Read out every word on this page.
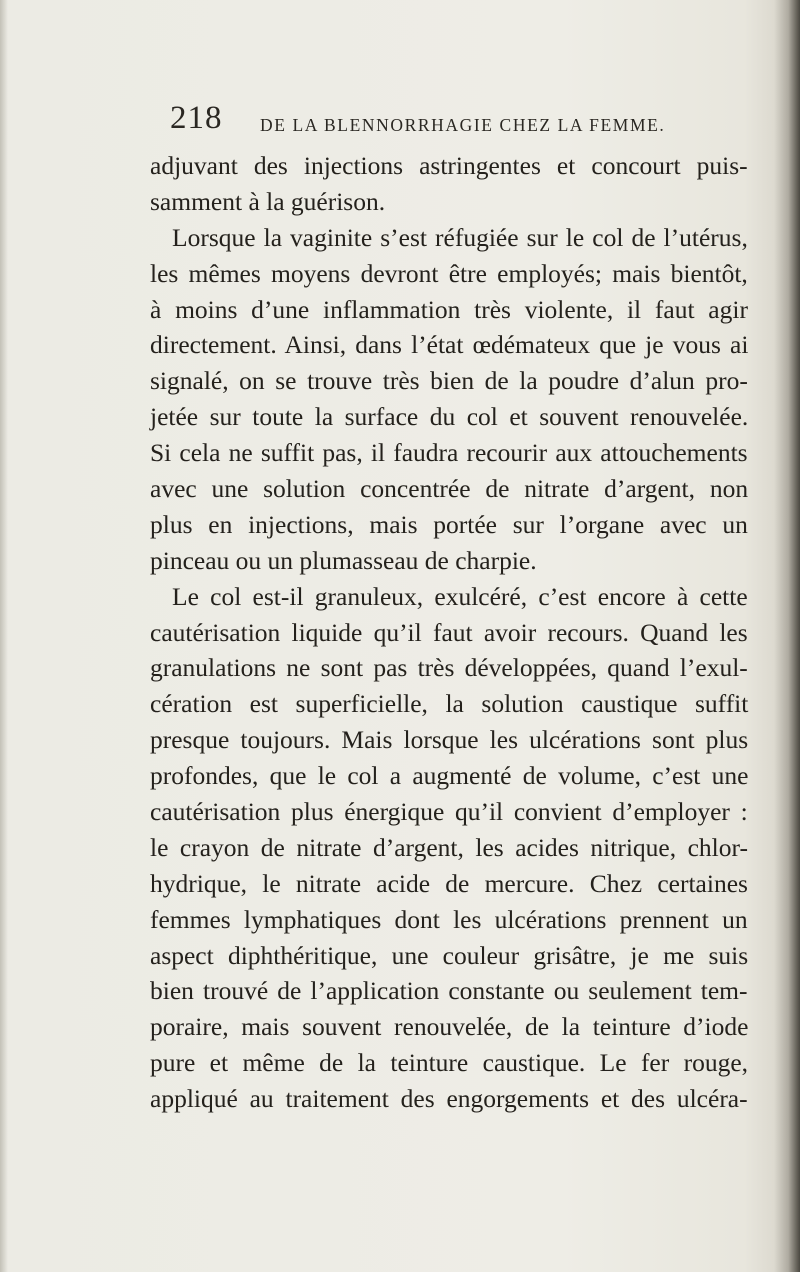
218 DE LA BLENNORRHAGIE CHEZ LA FEMME.
adjuvant des injections astringentes et concourt puis-
samment à la guérison.
Lorsque la vaginite s’est réfugiée sur le col de l’utérus,
les mêmes moyens devront être employés; mais bientôt,
à moins d’une inflammation très violente, il faut agir
directement. Ainsi, dans l’état œdémateux que je vous ai
signalé, on se trouve très bien de la poudre d’alun pro-
jetée sur toute la surface du col et souvent renouvelée.
Si cela ne suffit pas, il faudra recourir aux attouchements
avec une solution concentrée de nitrate d’argent, non
plus en injections, mais portée sur l’organe avec un
pinceau ou un plumasseau de charpie.
Le col est-il granuleux, exulcéré, c’est encore à cette
cautérisation liquide qu’il faut avoir recours. Quand les
granulations ne sont pas très développées, quand l’exul-
cération est superficielle, la solution caustique suffit
presque toujours. Mais lorsque les ulcérations sont plus
profondes, que le col a augmenté de volume, c’est une
cautérisation plus énergique qu’il convient d’employer :
le crayon de nitrate d’argent, les acides nitrique, chlor-
hydrique, le nitrate acide de mercure. Chez certaines
femmes lymphatiques dont les ulcérations prennent un
aspect diphthéritique, une couleur grisâtre, je me suis
bien trouvé de l’application constante ou seulement tem-
poraire, mais souvent renouvelée, de la teinture d’iode
pure et même de la teinture caustique. Le fer rouge,
appliqué au traitement des engorgements et des ulcéra-
